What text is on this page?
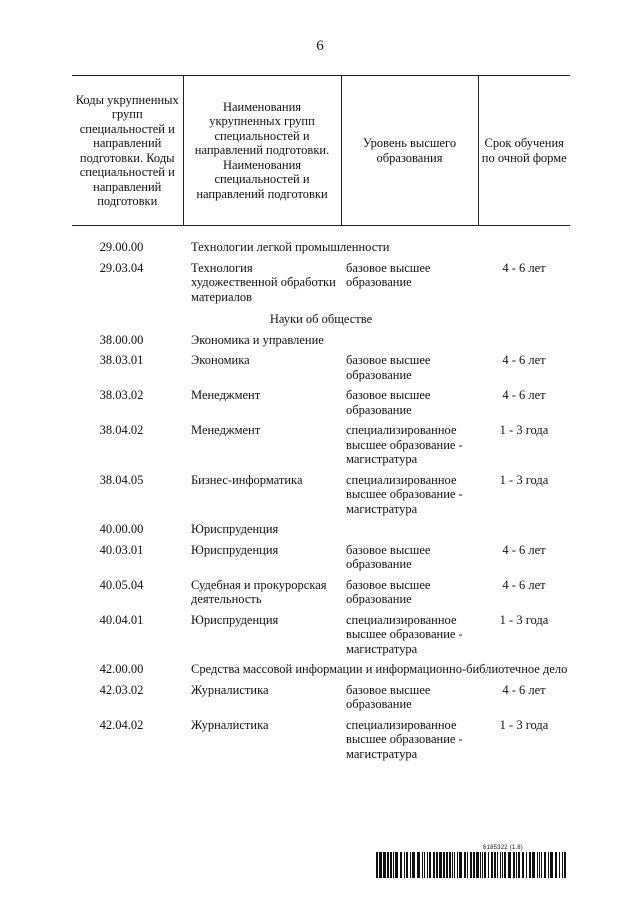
6
Коды укрупненных групп специальностей и направлений подготовки. Коды специальностей и направлений подготовки	Наименования укрупненных групп специальностей и направлений подготовки. Наименования специальностей и направлений подготовки	Уровень высшего образования	Срок обучения по очной форме

29.00.00	Технологии легкой промышленности		
29.03.04	Технология художественной обработки материалов	базовое высшее образование	4 - 6 лет
Науки об обществе			
38.00.00	Экономика и управление		
38.03.01	Экономика	базовое высшее образование	4 - 6 лет
38.03.02	Менеджмент	базовое высшее образование	4 - 6 лет
38.04.02	Менеджмент	специализированное высшее образование - магистратура	1 - 3 года
38.04.05	Бизнес-информатика	специализированное высшее образование - магистратура	1 - 3 года
40.00.00	Юриспруденция		
40.03.01	Юриспруденция	базовое высшее образование	4 - 6 лет
40.05.04	Судебная и прокурорская деятельность	базовое высшее образование	4 - 6 лет
40.04.01	Юриспруденция	специализированное высшее образование - магистратура	1 - 3 года
42.00.00	Средства массовой информации и информационно-библиотечное дело		
42.03.02	Журналистика	базовое высшее образование	4 - 6 лет
42.04.02	Журналистика	специализированное высшее образование - магистратура	1 - 3 года
6185322 (1.8)
